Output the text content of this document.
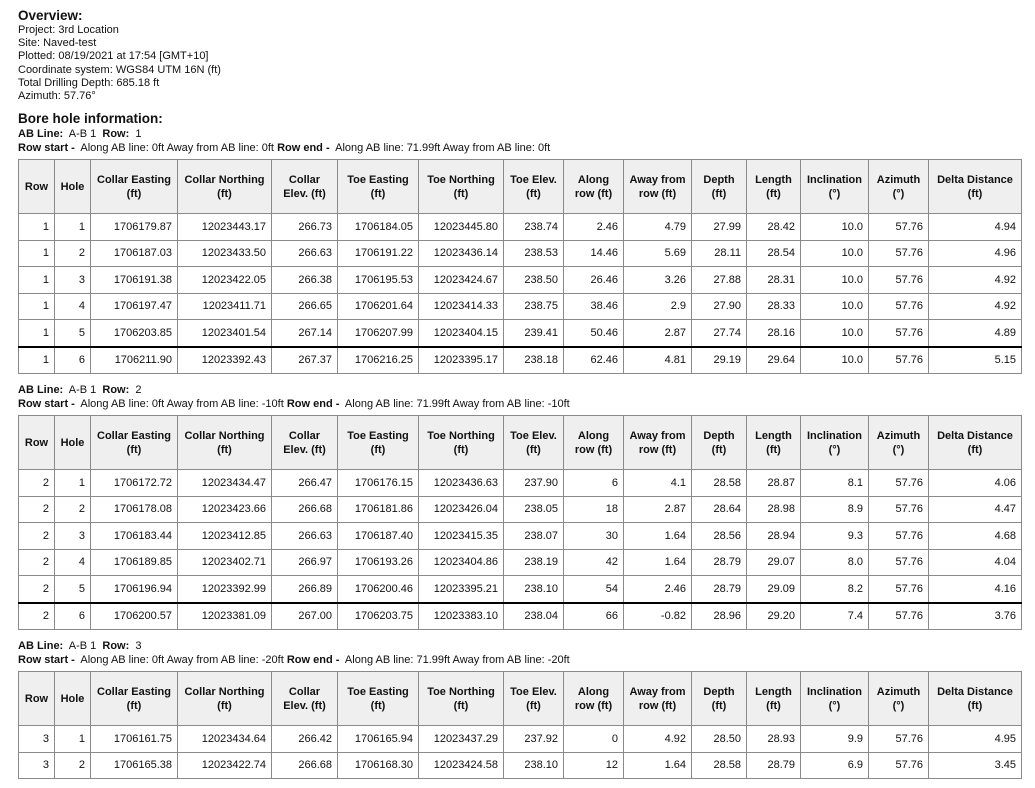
Overview:
Project: 3rd Location
Site: Naved-test
Plotted: 08/19/2021 at 17:54 [GMT+10]
Coordinate system: WGS84 UTM 16N (ft)
Total Drilling Depth: 685.18 ft
Azimuth: 57.76°
Bore hole information:
AB Line: A-B 1 Row: 1
Row start - Along AB line: 0ft Away from AB line: 0ft Row end - Along AB line: 71.99ft Away from AB line: 0ft
Row	Hole	Collar Easting (ft)	Collar Northing (ft)	Collar Elev. (ft)	Toe Easting (ft)	Toe Northing (ft)	Toe Elev. (ft)	Along row (ft)	Away from row (ft)	Depth (ft)	Length (ft)	Inclination (°)	Azimuth (°)	Delta Distance (ft)
1	1	1706179.87	12023443.17	266.73	1706184.05	12023445.80	238.74	2.46	4.79	27.99	28.42	10.0	57.76	4.94
1	2	1706187.03	12023433.50	266.63	1706191.22	12023436.14	238.53	14.46	5.69	28.11	28.54	10.0	57.76	4.96
1	3	1706191.38	12023422.05	266.38	1706195.53	12023424.67	238.50	26.46	3.26	27.88	28.31	10.0	57.76	4.92
1	4	1706197.47	12023411.71	266.65	1706201.64	12023414.33	238.75	38.46	2.9	27.90	28.33	10.0	57.76	4.92
1	5	1706203.85	12023401.54	267.14	1706207.99	12023404.15	239.41	50.46	2.87	27.74	28.16	10.0	57.76	4.89
1	6	1706211.90	12023392.43	267.37	1706216.25	12023395.17	238.18	62.46	4.81	29.19	29.64	10.0	57.76	5.15
AB Line: A-B 1 Row: 2
Row start - Along AB line: 0ft Away from AB line: -10ft Row end - Along AB line: 71.99ft Away from AB line: -10ft
Row	Hole	Collar Easting (ft)	Collar Northing (ft)	Collar Elev. (ft)	Toe Easting (ft)	Toe Northing (ft)	Toe Elev. (ft)	Along row (ft)	Away from row (ft)	Depth (ft)	Length (ft)	Inclination (°)	Azimuth (°)	Delta Distance (ft)
2	1	1706172.72	12023434.47	266.47	1706176.15	12023436.63	237.90	6	4.1	28.58	28.87	8.1	57.76	4.06
2	2	1706178.08	12023423.66	266.68	1706181.86	12023426.04	238.05	18	2.87	28.64	28.98	8.9	57.76	4.47
2	3	1706183.44	12023412.85	266.63	1706187.40	12023415.35	238.07	30	1.64	28.56	28.94	9.3	57.76	4.68
2	4	1706189.85	12023402.71	266.97	1706193.26	12023404.86	238.19	42	1.64	28.79	29.07	8.0	57.76	4.04
2	5	1706196.94	12023392.99	266.89	1706200.46	12023395.21	238.10	54	2.46	28.79	29.09	8.2	57.76	4.16
2	6	1706200.57	12023381.09	267.00	1706203.75	12023383.10	238.04	66	-0.82	28.96	29.20	7.4	57.76	3.76
AB Line: A-B 1 Row: 3
Row start - Along AB line: 0ft Away from AB line: -20ft Row end - Along AB line: 71.99ft Away from AB line: -20ft
Row	Hole	Collar Easting (ft)	Collar Northing (ft)	Collar Elev. (ft)	Toe Easting (ft)	Toe Northing (ft)	Toe Elev. (ft)	Along row (ft)	Away from row (ft)	Depth (ft)	Length (ft)	Inclination (°)	Azimuth (°)	Delta Distance (ft)
3	1	1706161.75	12023434.64	266.42	1706165.94	12023437.29	237.92	0	4.92	28.50	28.93	9.9	57.76	4.95
3	2	1706165.38	12023422.74	266.68	1706168.30	12023424.58	238.10	12	1.64	28.58	28.79	6.9	57.76	3.45
